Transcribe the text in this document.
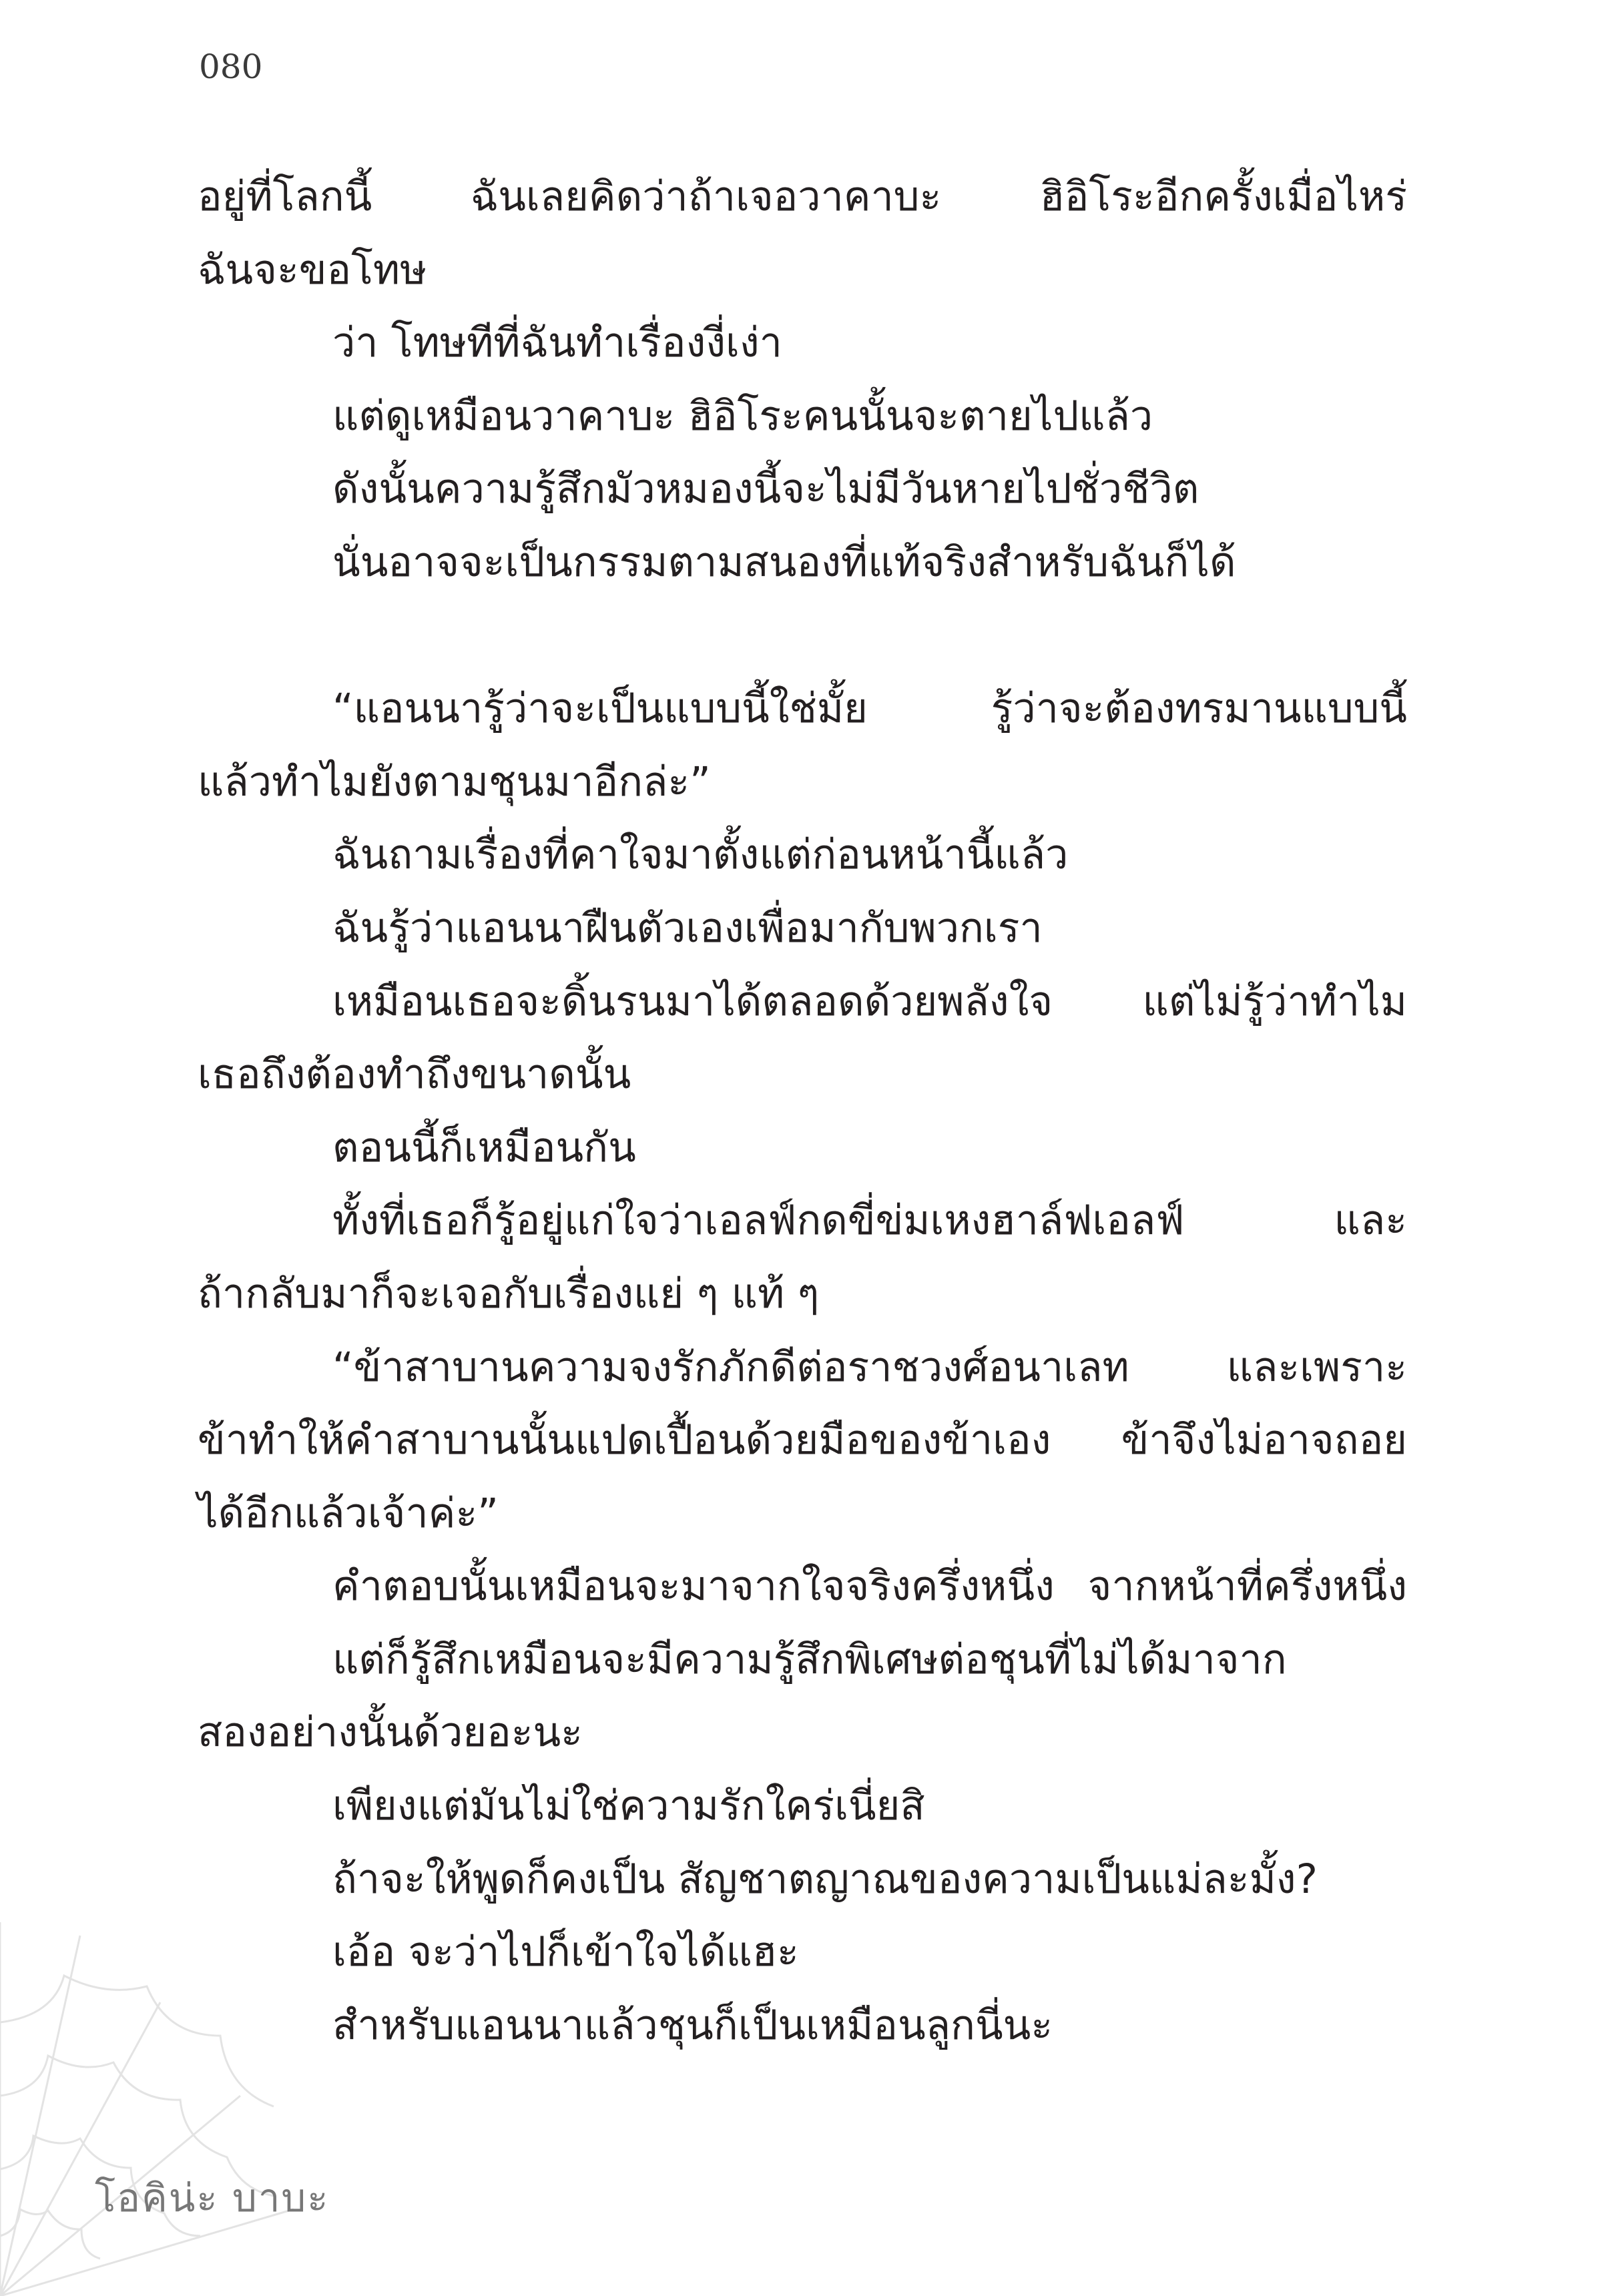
080
อยู่ที่โลกนี้ ฉันเลยคิดว่าถ้าเจอวาคาบะ ฮิอิโระอีกครั้งเมื่อไหร่
ฉันจะขอโทษ
ว่า โทษทีที่ฉันทำเรื่องงี่เง่า
แต่ดูเหมือนวาคาบะ ฮิอิโระคนนั้นจะตายไปแล้ว
ดังนั้นความรู้สึกมัวหมองนี้จะไม่มีวันหายไปชั่วชีวิต
นั่นอาจจะเป็นกรรมตามสนองที่แท้จริงสำหรับฉันก็ได้
“แอนนารู้ว่าจะเป็นแบบนี้ใช่มั้ย รู้ว่าจะต้องทรมานแบบนี้
แล้วทำไมยังตามชุนมาอีกล่ะ”
ฉันถามเรื่องที่คาใจมาตั้งแต่ก่อนหน้านี้แล้ว
ฉันรู้ว่าแอนนาฝืนตัวเองเพื่อมากับพวกเรา
เหมือนเธอจะดิ้นรนมาได้ตลอดด้วยพลังใจ แต่ไม่รู้ว่าทำไม
เธอถึงต้องทำถึงขนาดนั้น
ตอนนี้ก็เหมือนกัน
ทั้งที่เธอก็รู้อยู่แก่ใจว่าเอลฟ์กดขี่ข่มเหงฮาล์ฟเอลฟ์ และ
ถ้ากลับมาก็จะเจอกับเรื่องแย่ ๆ แท้ ๆ
“ข้าสาบานความจงรักภักดีต่อราชวงศ์อนาเลท และเพราะ
ข้าทำให้คำสาบานนั้นแปดเปื้อนด้วยมือของข้าเอง ข้าจึงไม่อาจถอย
ได้อีกแล้วเจ้าค่ะ”
คำตอบนั้นเหมือนจะมาจากใจจริงครึ่งหนึ่ง จากหน้าที่ครึ่งหนึ่ง
แต่ก็รู้สึกเหมือนจะมีความรู้สึกพิเศษต่อชุนที่ไม่ได้มาจาก
สองอย่างนั้นด้วยอะนะ
เพียงแต่มันไม่ใช่ความรักใคร่เนี่ยสิ
ถ้าจะให้พูดก็คงเป็น สัญชาตญาณของความเป็นแม่ละมั้ง?
เอ้อ จะว่าไปก็เข้าใจได้แฮะ
สำหรับแอนนาแล้วชุนก็เป็นเหมือนลูกนี่นะ
โอคิน่ะ บาบะ
